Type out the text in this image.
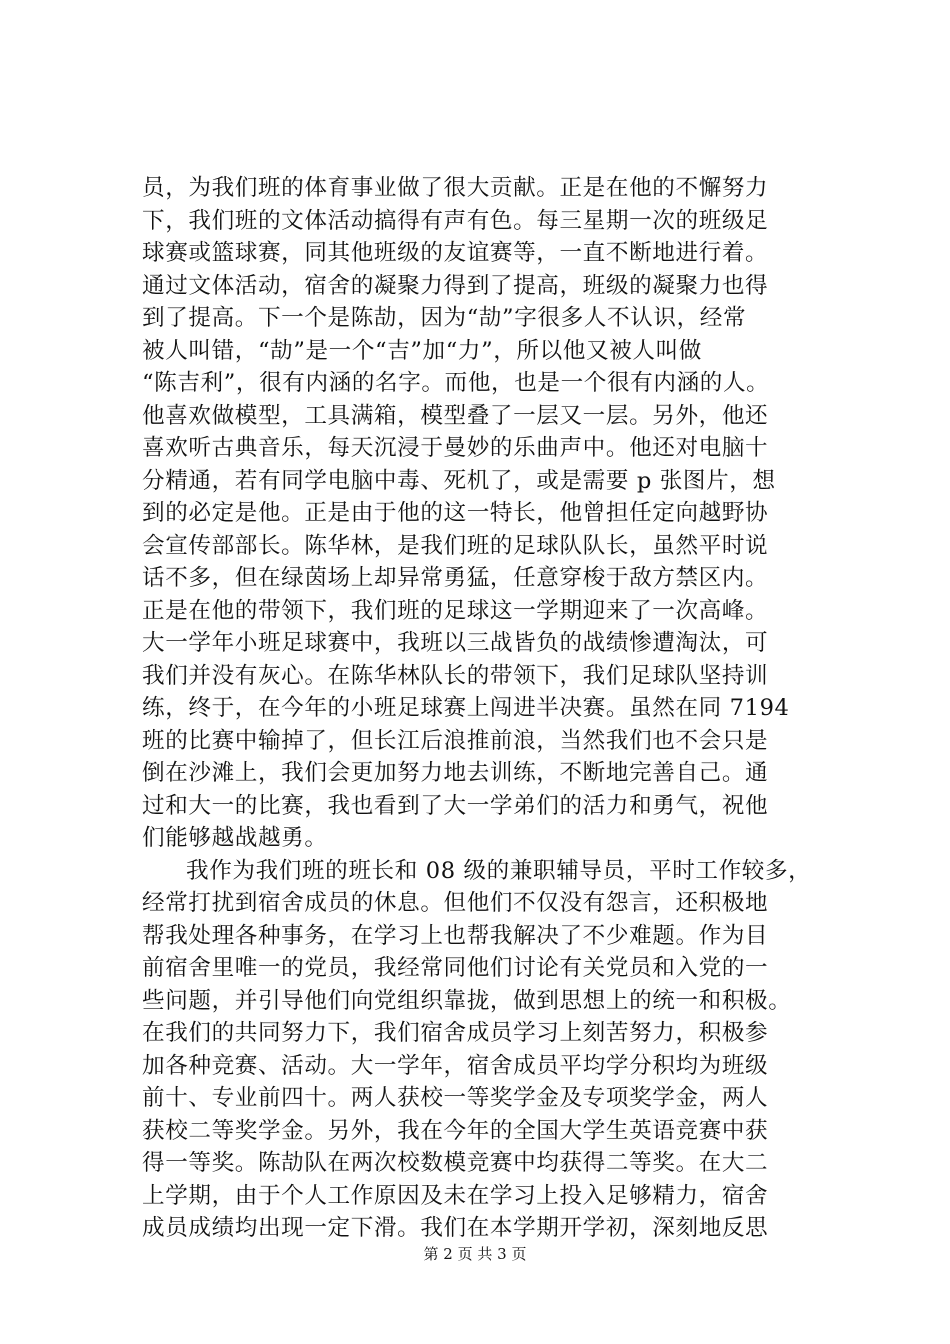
员，为我们班的体育事业做了很大贡献。正是在他的不懈努力
下，我们班的文体活动搞得有声有色。每三星期一次的班级足
球赛或篮球赛，同其他班级的友谊赛等，一直不断地进行着。
通过文体活动，宿舍的凝聚力得到了提高，班级的凝聚力也得
到了提高。下一个是陈劼，因为“劼”字很多人不认识，经常
被人叫错，“劼”是一个“吉”加“力”，所以他又被人叫做
“陈吉利”，很有内涵的名字。而他，也是一个很有内涵的人。
他喜欢做模型，工具满箱，模型叠了一层又一层。另外，他还
喜欢听古典音乐，每天沉浸于曼妙的乐曲声中。他还对电脑十
分精通，若有同学电脑中毒、死机了，或是需要 p 张图片，想
到的必定是他。正是由于他的这一特长，他曾担任定向越野协
会宣传部部长。陈华林，是我们班的足球队队长，虽然平时说
话不多，但在绿茵场上却异常勇猛，任意穿梭于敌方禁区内。
正是在他的带领下，我们班的足球这一学期迎来了一次高峰。
大一学年小班足球赛中，我班以三战皆负的战绩惨遭淘汰，可
我们并没有灰心。在陈华林队长的带领下，我们足球队坚持训
练，终于，在今年的小班足球赛上闯进半决赛。虽然在同 7194
班的比赛中输掉了，但长江后浪推前浪，当然我们也不会只是
倒在沙滩上，我们会更加努力地去训练，不断地完善自己。通
过和大一的比赛，我也看到了大一学弟们的活力和勇气，祝他
们能够越战越勇。
我作为我们班的班长和 08 级的兼职辅导员，平时工作较多，
经常打扰到宿舍成员的休息。但他们不仅没有怨言，还积极地
帮我处理各种事务，在学习上也帮我解决了不少难题。作为目
前宿舍里唯一的党员，我经常同他们讨论有关党员和入党的一
些问题，并引导他们向党组织靠拢，做到思想上的统一和积极。
在我们的共同努力下，我们宿舍成员学习上刻苦努力，积极参
加各种竞赛、活动。大一学年，宿舍成员平均学分积均为班级
前十、专业前四十。两人获校一等奖学金及专项奖学金，两人
获校二等奖学金。另外，我在今年的全国大学生英语竞赛中获
得一等奖。陈劼队在两次校数模竞赛中均获得二等奖。在大二
上学期，由于个人工作原因及未在学习上投入足够精力，宿舍
成员成绩均出现一定下滑。我们在本学期开学初，深刻地反思
第 2 页 共 3 页
